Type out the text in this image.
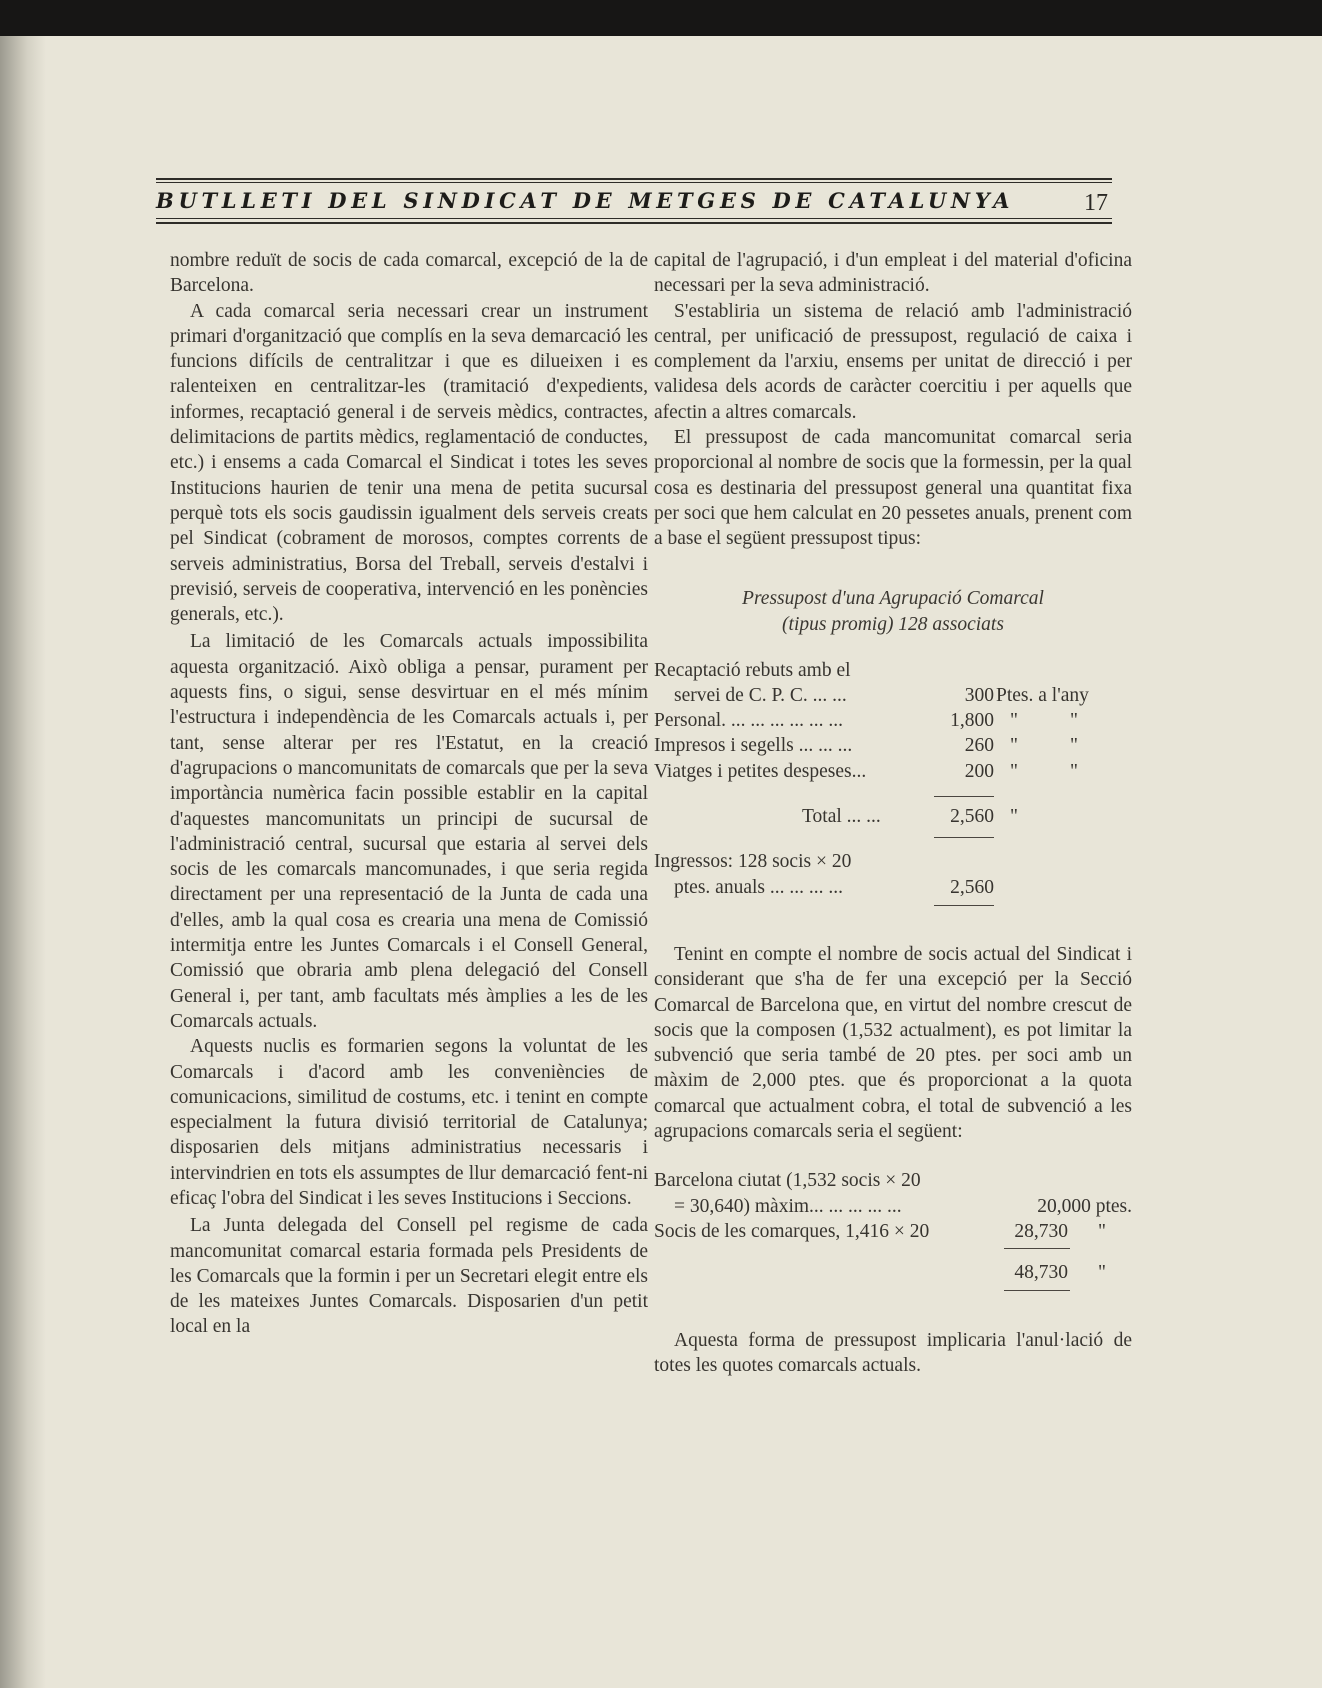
BUTLLETI DEL SINDICAT DE METGES DE CATALUNYA	17

nombre reduït de socis de cada comarcal, excepció de la de Barcelona.

A cada comarcal seria necessari crear un instrument primari d'organització que complís en la seva demarcació les funcions difícils de centralitzar i que es dilueixen i es ralenteixen en centralitzar-les (tramitació d'expedients, informes, recaptació general i de serveis mèdics, contractes, delimitacions de partits mèdics, reglamentació de conductes, etc.) i ensems a cada Comarcal el Sindicat i totes les seves Institucions haurien de tenir una mena de petita sucursal perquè tots els socis gaudissin igualment dels serveis creats pel Sindicat (cobrament de morosos, comptes corrents de serveis administratius, Borsa del Treball, serveis d'estalvi i previsió, serveis de cooperativa, intervenció en les ponències generals, etc.).

La limitació de les Comarcals actuals impossibilita aquesta organització. Això obliga a pensar, purament per aquests fins, o sigui, sense desvirtuar en el més mínim l'estructura i independència de les Comarcals actuals i, per tant, sense alterar per res l'Estatut, en la creació d'agrupacions o mancomunitats de comarcals que per la seva importància numèrica facin possible establir en la capital d'aquestes mancomunitats un principi de sucursal de l'administració central, sucursal que estaria al servei dels socis de les comarcals mancomunades, i que seria regida directament per una representació de la Junta de cada una d'elles, amb la qual cosa es crearia una mena de Comissió intermitja entre les Juntes Comarcals i el Consell General, Comissió que obraria amb plena delegació del Consell General i, per tant, amb facultats més àmplies a les de les Comarcals actuals.

Aquests nuclis es formarien segons la voluntat de les Comarcals i d'acord amb les conveniències de comunicacions, similitud de costums, etc. i tenint en compte especialment la futura divisió territorial de Catalunya; disposarien dels mitjans administratius necessaris i intervindrien en tots els assumptes de llur demarcació fent-ni eficaç l'obra del Sindicat i les seves Institucions i Seccions.

La Junta delegada del Consell pel regisme de cada mancomunitat comarcal estaria formada pels Presidents de les Comarcals que la formin i per un Secretari elegit entre els de les mateixes Juntes Comarcals. Disposarien d'un petit local en la

capital de l'agrupació, i d'un empleat i del material d'oficina necessari per la seva administració.

S'establiria un sistema de relació amb l'administració central, per unificació de pressupost, regulació de caixa i complement da l'arxiu, ensems per unitat de direcció i per validesa dels acords de caràcter coercitiu i per aquells que afectin a altres comarcals.

El pressupost de cada mancomunitat comarcal seria proporcional al nombre de socis que la formessin, per la qual cosa es destinaria del pressupost general una quantitat fixa per soci que hem calculat en 20 pessetes anuals, prenent com a base el següent pressupost tipus:

Pressupost d'una Agrupació Comarcal
(tipus promig) 128 associats
Recaptació rebuts amb el
servei de C. P. C. ... ...	300 Ptes. a l'any
Personal. ... ... ... ... ... ...	1,800 "	"
Impresos i segells ... ... ...	260 "	"
Viatges i petites despeses...	200 "	"
Total ... ...	2,560 "
Ingressos: 128 socis × 20
ptes. anuals ... ... ... ...	2,560

Tenint en compte el nombre de socis actual del Sindicat i considerant que s'ha de fer una excepció per la Secció Comarcal de Barcelona que, en virtut del nombre crescut de socis que la composen (1,532 actualment), es pot limitar la subvenció que seria també de 20 ptes. per soci amb un màxim de 2,000 ptes. que és proporcionat a la quota comarcal que actualment cobra, el total de subvenció a les agrupacions comarcals seria el següent:

Barcelona ciutat (1,532 socis × 20
= 30,640) màxim... ... ... ... ...	20,000 ptes.
Socis de les comarques, 1,416 × 20	28,730 "
48,730 "

Aquesta forma de pressupost implicaria l'anul·lació de totes les quotes comarcals actuals.
